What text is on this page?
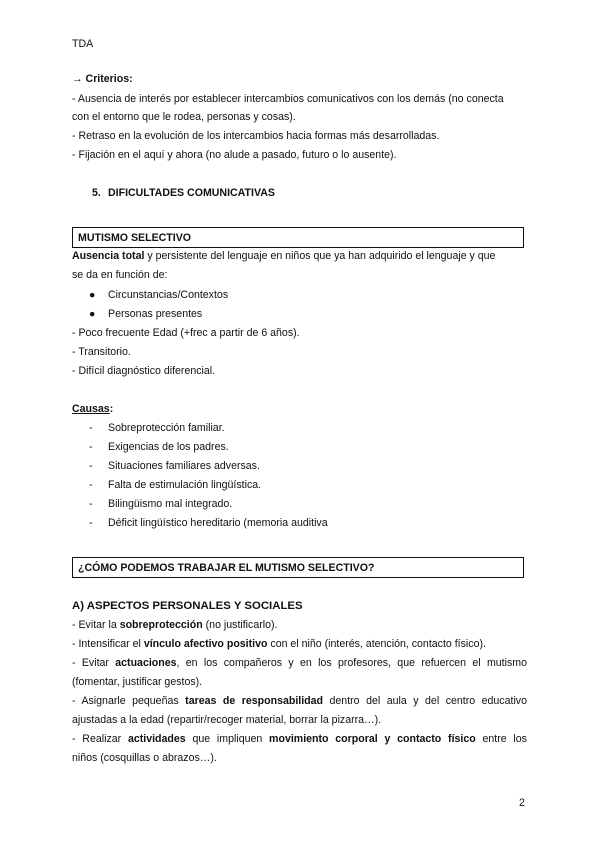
TDA
→ Criterios:
- Ausencia de interés por establecer intercambios comunicativos con los demás (no conecta
con el entorno que le rodea, personas y cosas).
- Retraso en la evolución de los intercambios hacia formas más desarrolladas.
- Fijación en el aquí y ahora (no alude a pasado, futuro o lo ausente).
5. DIFICULTADES COMUNICATIVAS
MUTISMO SELECTIVO
Ausencia total y persistente del lenguaje en niños que ya han adquirido el lenguaje y que
se da en función de:
● Circunstancias/Contextos
● Personas presentes
- Poco frecuente Edad (+frec a partir de 6 años).
- Transitorio.
- Difícil diagnóstico diferencial.
Causas:
- Sobreprotección familiar.
- Exigencias de los padres.
- Situaciones familiares adversas.
- Falta de estimulación lingüística.
- Bilingüismo mal integrado.
- Déficit lingüístico hereditario (memoria auditiva
¿CÓMO PODEMOS TRABAJAR EL MUTISMO SELECTIVO?
A) ASPECTOS PERSONALES Y SOCIALES
- Evitar la sobreprotección (no justificarlo).
- Intensificar el vínculo afectivo positivo con el niño (interés, atención, contacto físico).
- Evitar actuaciones, en los compañeros y en los profesores, que refuercen el mutismo
(fomentar, justificar gestos).
- Asignarle pequeñas tareas de responsabilidad dentro del aula y del centro educativo
ajustadas a la edad (repartir/recoger material, borrar la pizarra…).
- Realizar actividades que impliquen movimiento corporal y contacto físico entre los
niños (cosquillas o abrazos…).
2
